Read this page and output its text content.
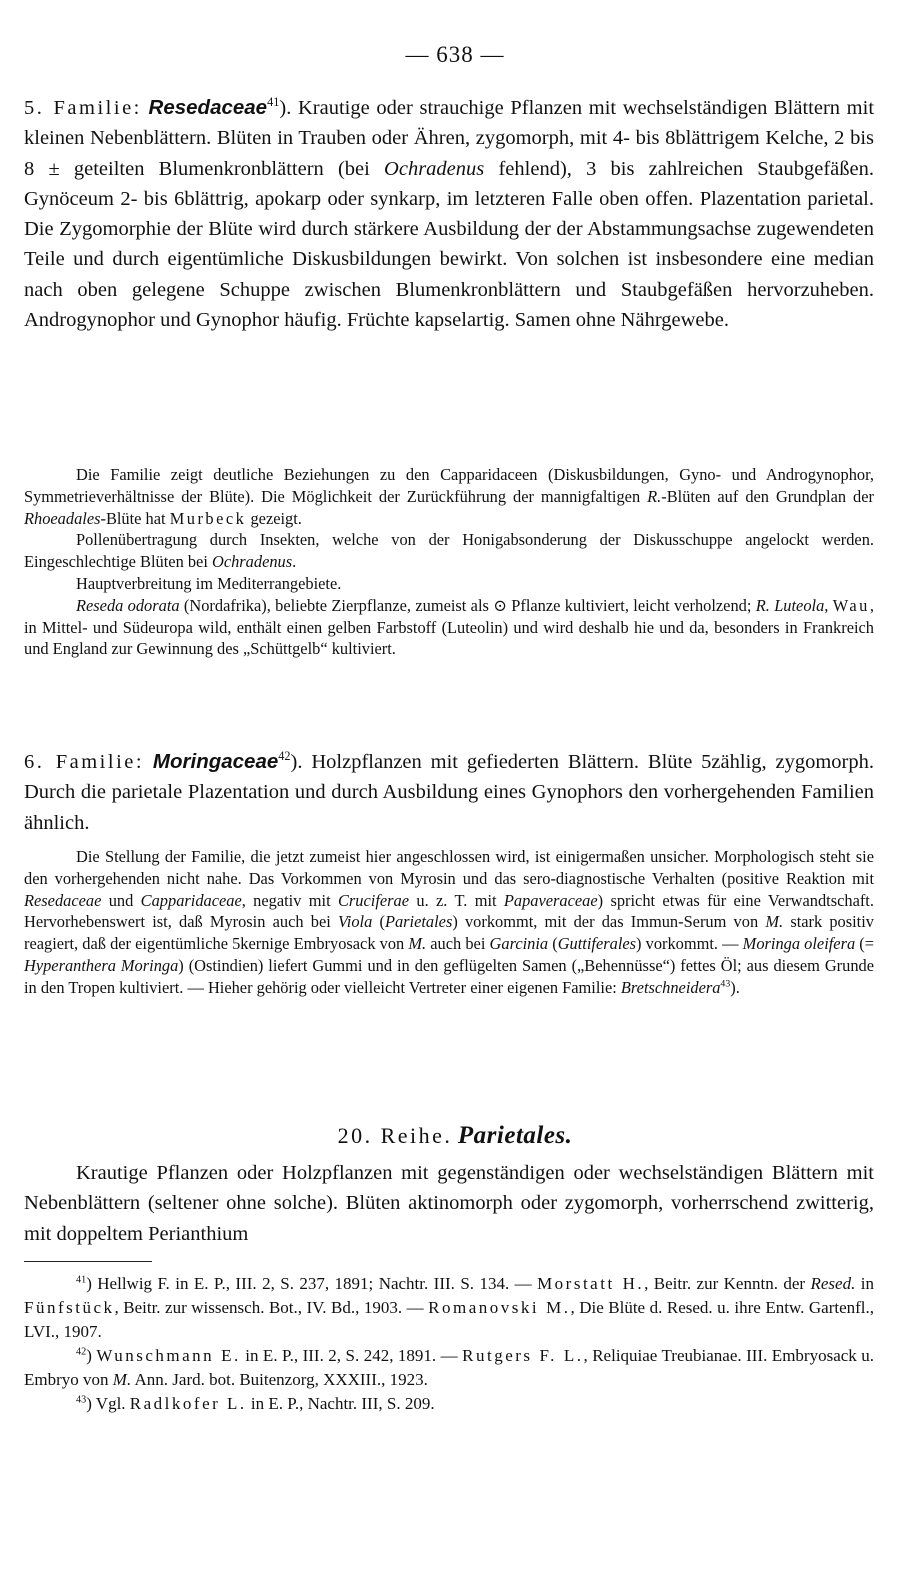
— 638 —
5. Familie: Resedaceae$^{41}$). Krautige oder strauchige Pflanzen mit wechselständigen Blättern mit kleinen Nebenblättern. Blüten in Trauben oder Ähren, zygomorph, mit 4- bis 8blättrigem Kelche, 2 bis 8 ± geteilten Blumenkronblättern (bei Ochradenus fehlend), 3 bis zahlreichen Staubgefäßen. Gynöceum 2- bis 6blättrig, apokarp oder synkarp, im letzteren Falle oben offen. Plazentation parietal. Die Zygomorphie der Blüte wird durch stärkere Ausbildung der der Abstammungsachse zugewendeten Teile und durch eigentümliche Diskusbildungen bewirkt. Von solchen ist insbesondere eine median nach oben gelegene Schuppe zwischen Blumenkronblättern und Staubgefäßen hervorzuheben. Androgynophor und Gynophor häufig. Früchte kapselartig. Samen ohne Nährgewebe.
Die Familie zeigt deutliche Beziehungen zu den Capparidaceen (Diskusbildungen, Gyno- und Androgynophor, Symmetrieverhältnisse der Blüte). Die Möglichkeit der Zurückführung der mannigfaltigen R.-Blüten auf den Grundplan der Rhoeadales-Blüte hat Murbeck gezeigt.
Pollenübertragung durch Insekten, welche von der Honigabsonderung der Diskusschuppe angelockt werden. Eingeschlechtige Blüten bei Ochradenus.
Hauptverbreitung im Mediterrangebiete.
Reseda odorata (Nordafrika), beliebte Zierpflanze, zumeist als ⊙ Pflanze kultiviert, leicht verholzend; R. Luteola, Wau, in Mittel- und Südeuropa wild, enthält einen gelben Farbstoff (Luteolin) und wird deshalb hie und da, besonders in Frankreich und England zur Gewinnung des „Schüttgelb“ kultiviert.
6. Familie: Moringaceae$^{42}$). Holzpflanzen mit gefiederten Blättern. Blüte 5zählig, zygomorph. Durch die parietale Plazentation und durch Ausbildung eines Gynophors den vorhergehenden Familien ähnlich.
Die Stellung der Familie, die jetzt zumeist hier angeschlossen wird, ist einigermaßen unsicher. Morphologisch steht sie den vorhergehenden nicht nahe. Das Vorkommen von Myrosin und das sero-diagnostische Verhalten (positive Reaktion mit Resedaceae und Capparidaceae, negativ mit Cruciferae u. z. T. mit Papaveraceae) spricht etwas für eine Verwandtschaft. Hervorhebenswert ist, daß Myrosin auch bei Viola (Parietales) vorkommt, mit der das Immun-Serum von M. stark positiv reagiert, daß der eigentümliche 5kernige Embryosack von M. auch bei Garcinia (Guttiferales) vorkommt. — Moringa oleifera (= Hyperanthera Moringa) (Ostindien) liefert Gummi und in den geflügelten Samen („Behennüsse“) fettes Öl; aus diesem Grunde in den Tropen kultiviert. — Hieher gehörig oder vielleicht Vertreter einer eigenen Familie: Bretschneidera$^{43}$).
20. Reihe. Parietales.
Krautige Pflanzen oder Holzpflanzen mit gegenständigen oder wechselständigen Blättern mit Nebenblättern (seltener ohne solche). Blüten aktinomorph oder zygomorph, vorherrschend zwitterig, mit doppeltem Perianthium
$^{41}$) Hellwig F. in E. P., III. 2, S. 237, 1891; Nachtr. III. S. 134. — Morstatt H., Beitr. zur Kenntn. der Resed. in Fünfstück, Beitr. zur wissensch. Bot., IV. Bd., 1903. — Romanovski M., Die Blüte d. Resed. u. ihre Entw. Gartenfl., LVI., 1907.
$^{42}$) Wunschmann E. in E. P., III. 2, S. 242, 1891. — Rutgers F. L., Reliquiae Treubianae. III. Embryosack u. Embryo von M. Ann. Jard. bot. Buitenzorg, XXXIII., 1923.
$^{43}$) Vgl. Radlkofer L. in E. P., Nachtr. III, S. 209.
